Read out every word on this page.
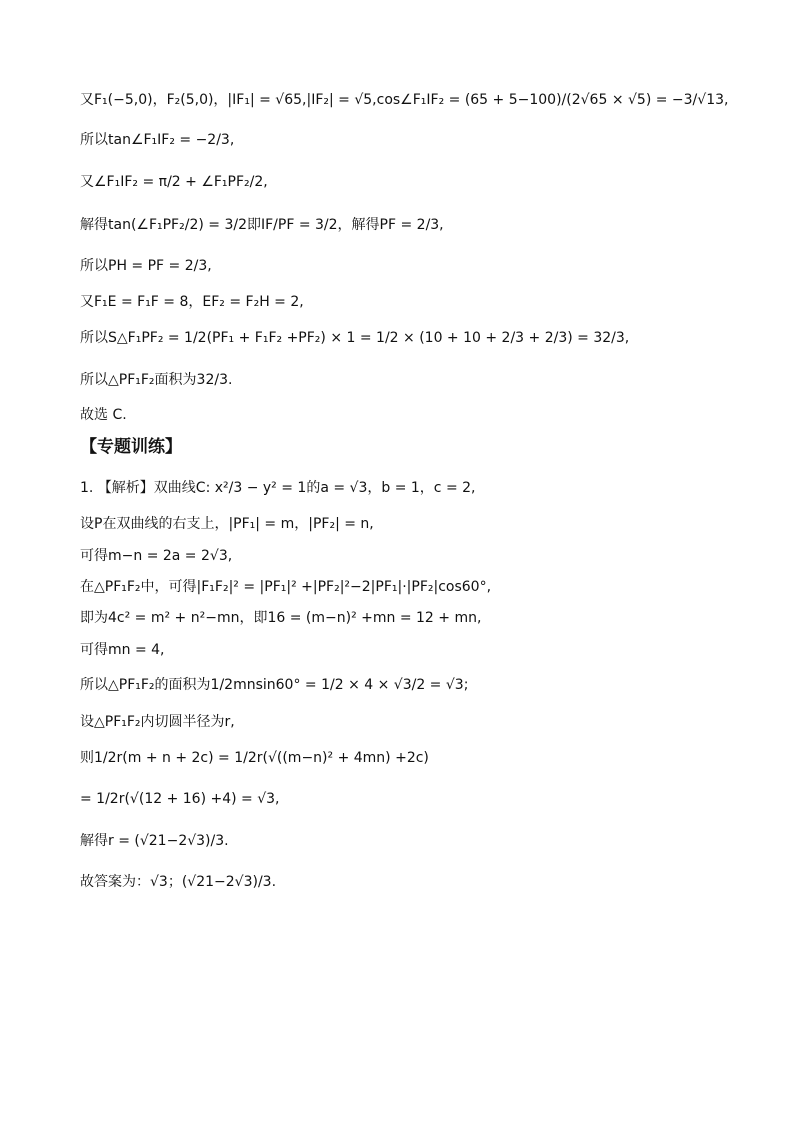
又F₁(−5,0)，F₂(5,0)，|IF₁| = √65,|IF₂| = √5,cos∠F₁IF₂ = (65 + 5−100)/(2√65 × √5) = −3/√13,
所以tan∠F₁IF₂ = −2/3,
又∠F₁IF₂ = π/2 + ∠F₁PF₂/2,
解得tan(∠F₁PF₂/2) = 3/2即IF/PF = 3/2，解得PF = 2/3,
所以PH = PF = 2/3,
又F₁E = F₁F = 8，EF₂ = F₂H = 2,
所以S△F₁PF₂ = 1/2(PF₁ + F₁F₂ +PF₂) × 1 = 1/2 × (10 + 10 + 2/3 + 2/3) = 32/3,
所以△PF₁F₂面积为32/3.
故选 C.
【专题训练】
1. 【解析】双曲线C: x²/3 − y² = 1的a = √3，b = 1，c = 2,
设P在双曲线的右支上，|PF₁| = m，|PF₂| = n,
可得m−n = 2a = 2√3,
在△PF₁F₂中，可得|F₁F₂|² = |PF₁|² +|PF₂|²−2|PF₁|·|PF₂|cos60°,
即为4c² = m² + n²−mn，即16 = (m−n)² +mn = 12 + mn,
可得mn = 4,
所以△PF₁F₂的面积为1/2mnsin60° = 1/2 × 4 × √3/2 = √3;
设△PF₁F₂内切圆半径为r,
则1/2r(m + n + 2c) = 1/2r(√((m−n)² + 4mn) +2c)
= 1/2r(√(12 + 16) +4) = √3,
解得r = (√21−2√3)/3.
故答案为：√3；(√21−2√3)/3.
